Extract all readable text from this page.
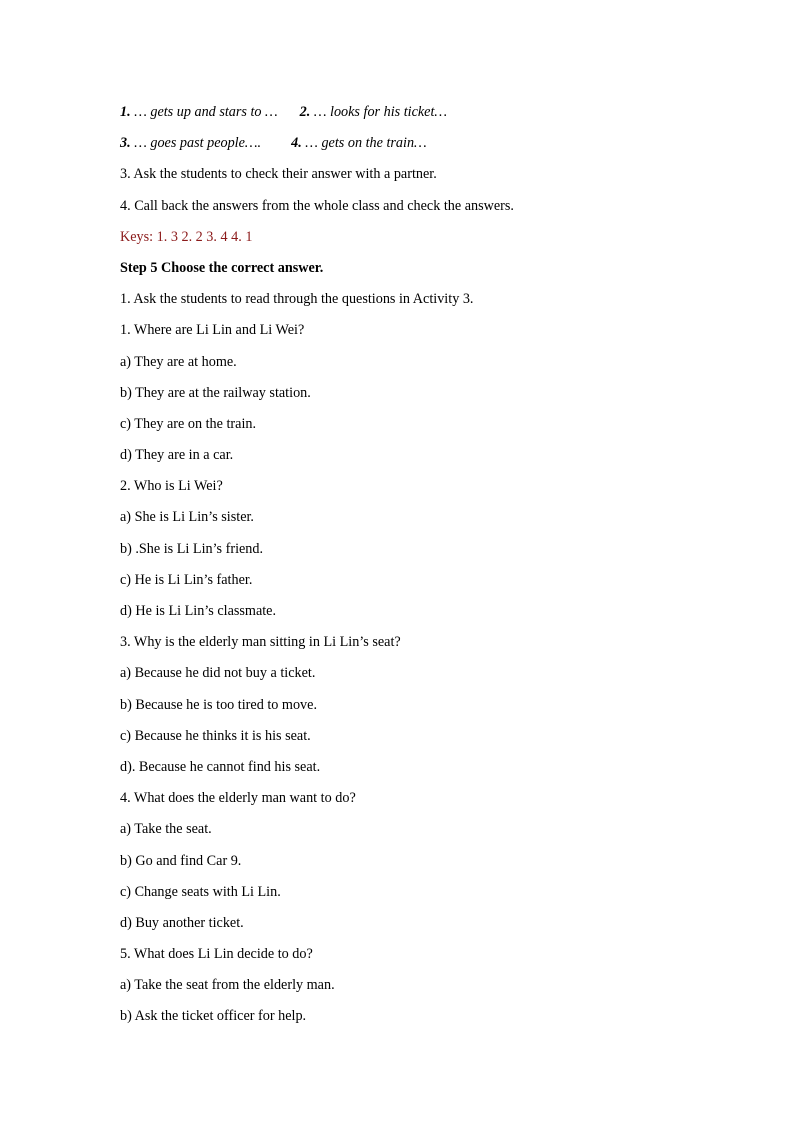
1. … gets up and stars to … 2. … looks for his ticket…
3. … goes past people…. 4. … gets on the train…
3. Ask the students to check their answer with a partner.
4. Call back the answers from the whole class and check the answers.
Keys: 1. 3 2. 2 3. 4 4. 1
Step 5 Choose the correct answer.
1. Ask the students to read through the questions in Activity 3.
1. Where are Li Lin and Li Wei?
a) They are at home.
b) They are at the railway station.
c) They are on the train.
d) They are in a car.
2. Who is Li Wei?
a) She is Li Lin’s sister.
b) .She is Li Lin’s friend.
c) He is Li Lin’s father.
d) He is Li Lin’s classmate.
3. Why is the elderly man sitting in Li Lin’s seat?
a) Because he did not buy a ticket.
b) Because he is too tired to move.
c) Because he thinks it is his seat.
d). Because he cannot find his seat.
4. What does the elderly man want to do?
a) Take the seat.
b) Go and find Car 9.
c) Change seats with Li Lin.
d) Buy another ticket.
5. What does Li Lin decide to do?
a) Take the seat from the elderly man.
b) Ask the ticket officer for help.
